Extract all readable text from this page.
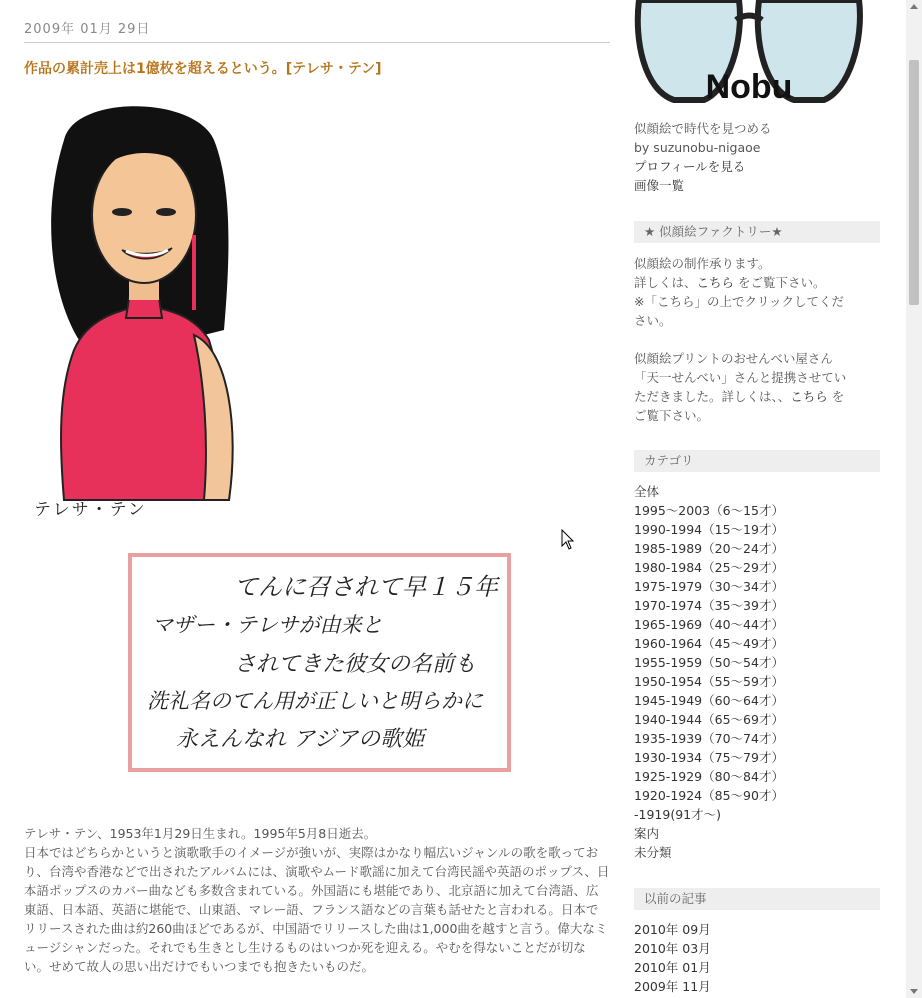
2009年 01月 29日
作品の累計売上は1億枚を超えるという。[テレサ・テン]
テレサ・テン
てんに召されて早１５年
マザー・テレサが由来と
されてきた彼女の名前も
洗礼名のてん用が正しいと明らかに
永えんなれ アジアの歌姫

テレサ・テン、1953年1月29日生まれ。1995年5月8日逝去。

日本ではどちらかというと演歌歌手のイメージが強いが、実際はかなり幅広いジャンルの歌を歌っており、台湾や香港などで出されたアルバムには、演歌やムード歌謡に加えて台湾民謡や英語のポップス、日本語ポップスのカバー曲なども多数含まれている。外国語にも堪能であり、北京語に加えて台湾語、広東語、日本語、英語に堪能で、山東語、マレー語、フランス語などの言葉も話せたと言われる。日本でリリースされた曲は約260曲ほどであるが、中国語でリリースした曲は1,000曲を越すと言う。偉大なミュージシャンだった。それでも生きとし生けるものはいつか死を迎える。やむを得ないことだが切ない。せめて故人の思い出だけでもいつまでも抱きたいものだ。

Nobu
似顔絵で時代を見つめる
by suzunobu-nigaoe
プロフィールを見る
画像一覧
★ 似顔絵ファクトリー★
似顔絵の制作承ります。
詳しくは、こちら をご覧下さい。
※「こちら」の上でクリックしてください。
似顔絵プリントのおせんべい屋さん「天一せんべい」さんと提携させていただきました。詳しくは、、こちら をご覧下さい。
カテゴリ
全体
1995～2003（6～15才）
1990-1994（15～19才）
1985-1989（20～24才）
1980-1984（25～29才）
1975-1979（30～34才）
1970-1974（35～39才）
1965-1969（40～44才）
1960-1964（45～49才）
1955-1959（50～54才）
1950-1954（55～59才）
1945-1949（60～64才）
1940-1944（65～69才）
1935-1939（70～74才）
1930-1934（75～79才）
1925-1929（80～84才）
1920-1924（85～90才）
-1919(91才～)
案内
未分類
以前の記事
2010年 09月
2010年 03月
2010年 01月
2009年 11月
